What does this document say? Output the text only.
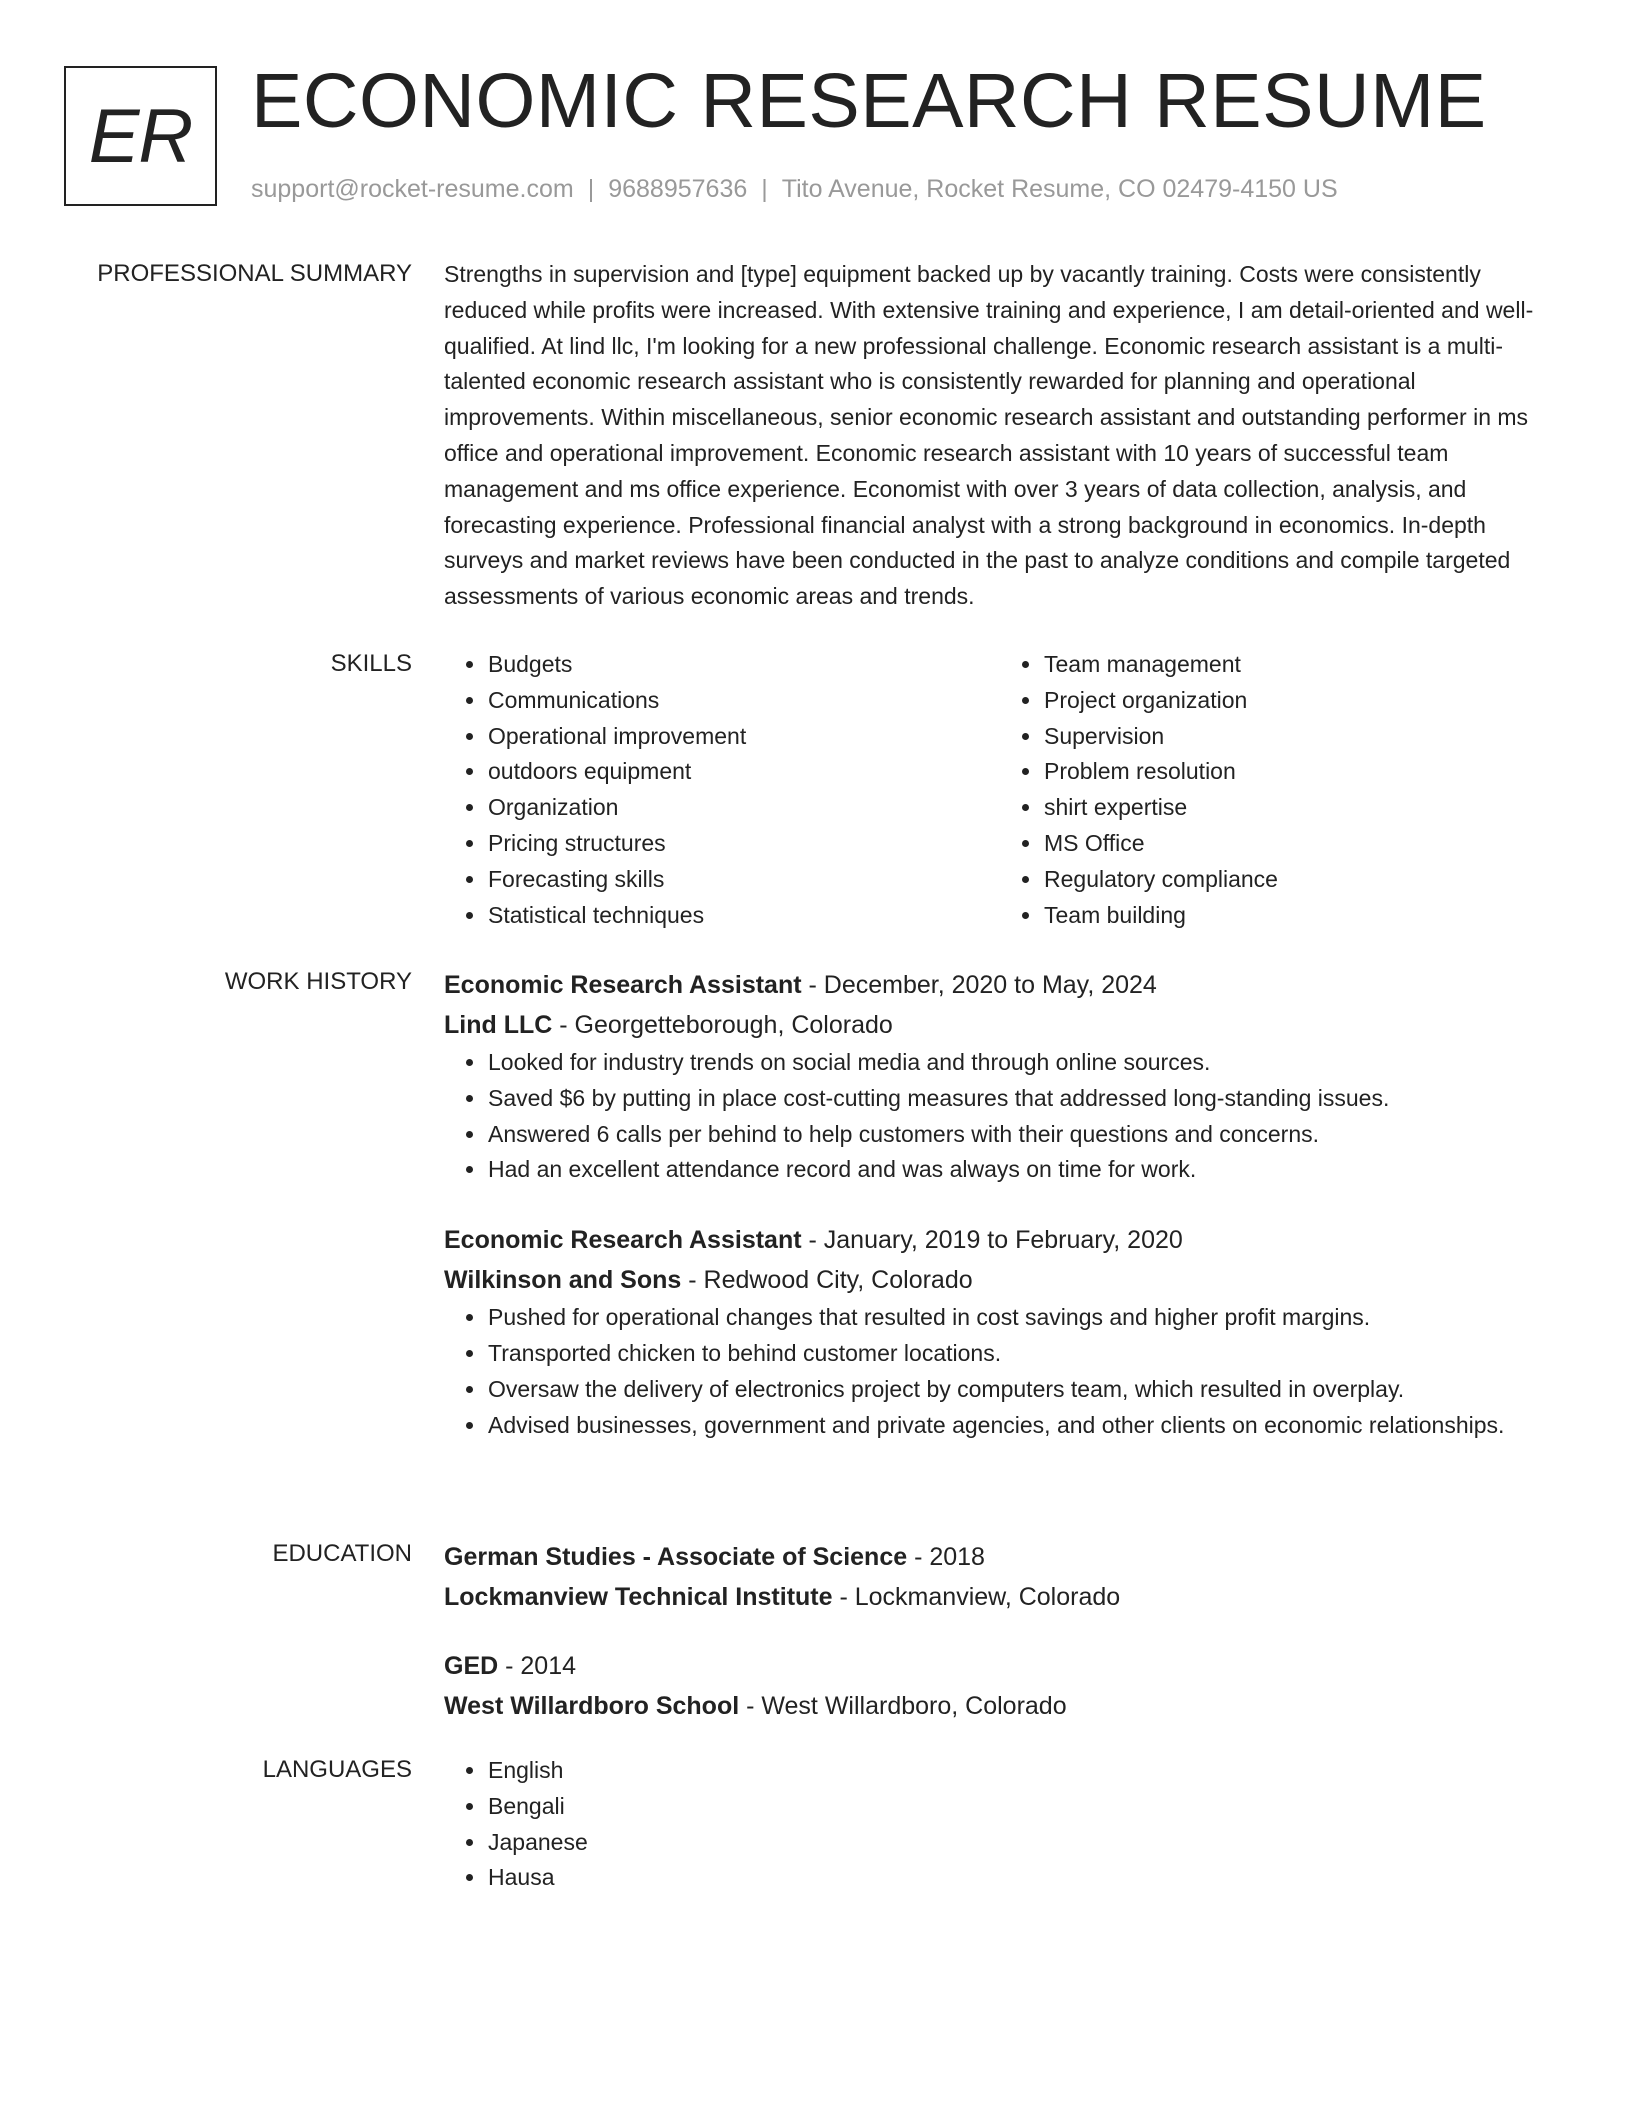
ER ECONOMIC RESEARCH RESUME
support@rocket-resume.com | 9688957636 | Tito Avenue, Rocket Resume, CO 02479-4150 US
PROFESSIONAL SUMMARY Strengths in supervision and [type] equipment backed up by vacantly training. Costs were consistently reduced while profits were increased. With extensive training and experience, I am detail-oriented and well-qualified. At lind llc, I'm looking for a new professional challenge. Economic research assistant is a multi-talented economic research assistant who is consistently rewarded for planning and operational improvements. Within miscellaneous, senior economic research assistant and outstanding performer in ms office and operational improvement. Economic research assistant with 10 years of successful team management and ms office experience. Economist with over 3 years of data collection, analysis, and forecasting experience. Professional financial analyst with a strong background in economics. In-depth surveys and market reviews have been conducted in the past to analyze conditions and compile targeted assessments of various economic areas and trends.

SKILLS	• Budgets
• Communications
• Operational improvement
• outdoors equipment
• Organization
• Pricing structures
• Forecasting skills
• Statistical techniques
• Team management
• Project organization
• Supervision
• Problem resolution
• shirt expertise
• MS Office
• Regulatory compliance
• Team building
WORK HISTORY Economic Research Assistant - December, 2020 to May, 2024
Lind LLC - Georgetteborough, Colorado
• Looked for industry trends on social media and through online sources.
• Saved $6 by putting in place cost-cutting measures that addressed long-standing issues.
• Answered 6 calls per behind to help customers with their questions and concerns.
• Had an excellent attendance record and was always on time for work.
Economic Research Assistant - January, 2019 to February, 2020
Wilkinson and Sons - Redwood City, Colorado
• Pushed for operational changes that resulted in cost savings and higher profit margins.
• Transported chicken to behind customer locations.
• Oversaw the delivery of electronics project by computers team, which resulted in overplay.
• Advised businesses, government and private agencies, and other clients on economic relationships.
EDUCATION German Studies - Associate of Science - 2018
Lockmanview Technical Institute - Lockmanview, Colorado
GED - 2014
West Willardboro School - West Willardboro, Colorado
LANGUAGES	• English
• Bengali
• Japanese
• Hausa
